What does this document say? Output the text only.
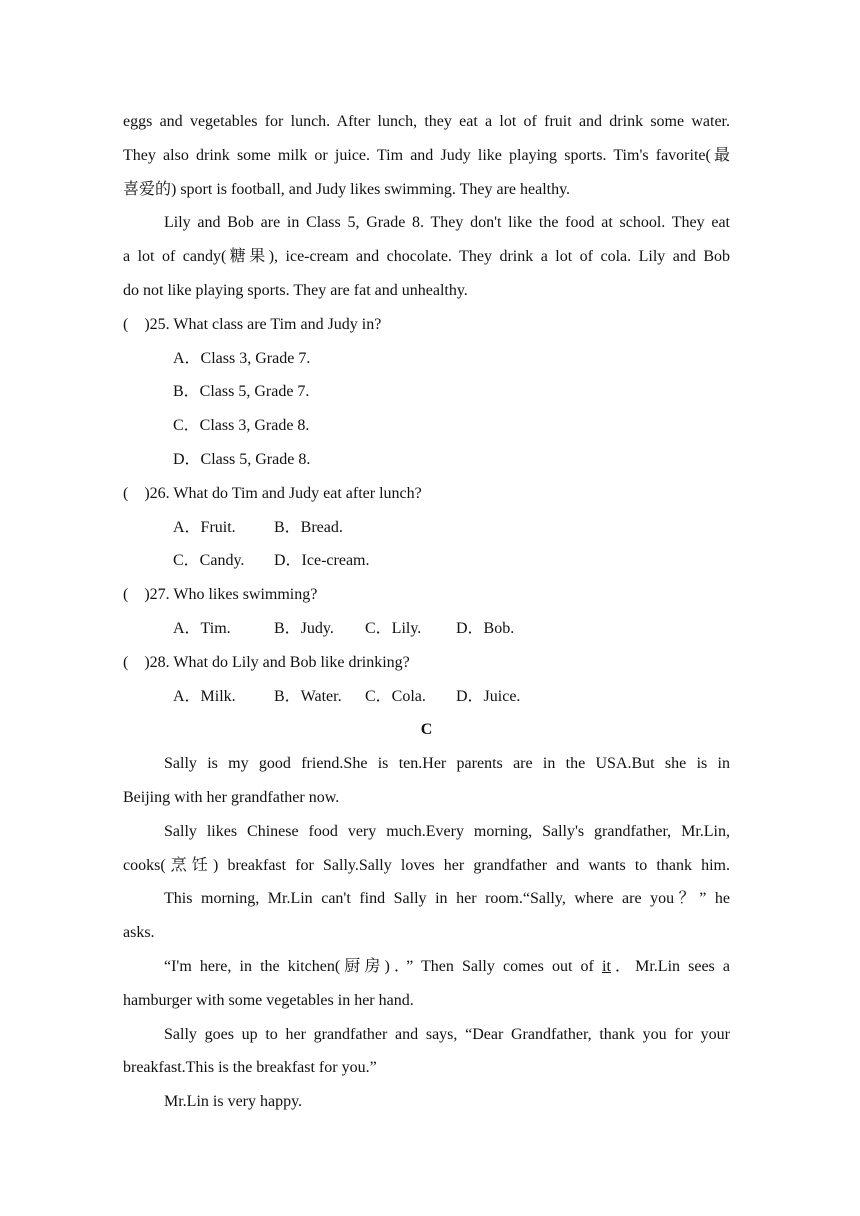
eggs and vegetables for lunch. After lunch, they eat a lot of fruit and drink some water.
They also drink some milk or juice. Tim and Judy like playing sports. Tim's favorite(最
喜爱的) sport is football, and Judy likes swimming. They are healthy.
Lily and Bob are in Class 5, Grade 8. They don't like the food at school. They eat
a lot of candy(糖果), ice-cream and chocolate. They drink a lot of cola. Lily and Bob
do not like playing sports. They are fat and unhealthy.
(　)25. What class are Tim and Judy in?
A．Class 3, Grade 7.
B．Class 5, Grade 7.
C．Class 3, Grade 8.
D．Class 5, Grade 8.
(　)26. What do Tim and Judy eat after lunch?
A．Fruit. B．Bread.
C．Candy. D．Ice-cream.
(　)27. Who likes swimming?
A．Tim.	B．Judy. C．Lily. D．Bob.
(　)28. What do Lily and Bob like drinking?
A．Milk. B．Water. C．Cola. D．Juice.
C
Sally is my good friend.She is ten.Her parents are in the USA.But she is in
Beijing with her grandfather now.
Sally likes Chinese food very much.Every morning, Sally's grandfather, Mr.Lin,
cooks(烹饪) breakfast for Sally.Sally loves her grandfather and wants to thank him.
This morning, Mr.Lin can't find Sally in her room.“Sally, where are you？” he
asks.
“I'm here, in the kitchen(厨房)．” Then Sally comes out of it．Mr.Lin sees a
hamburger with some vegetables in her hand.
Sally goes up to her grandfather and says, “Dear Grandfather, thank you for your
breakfast.This is the breakfast for you.”
Mr.Lin is very happy.
